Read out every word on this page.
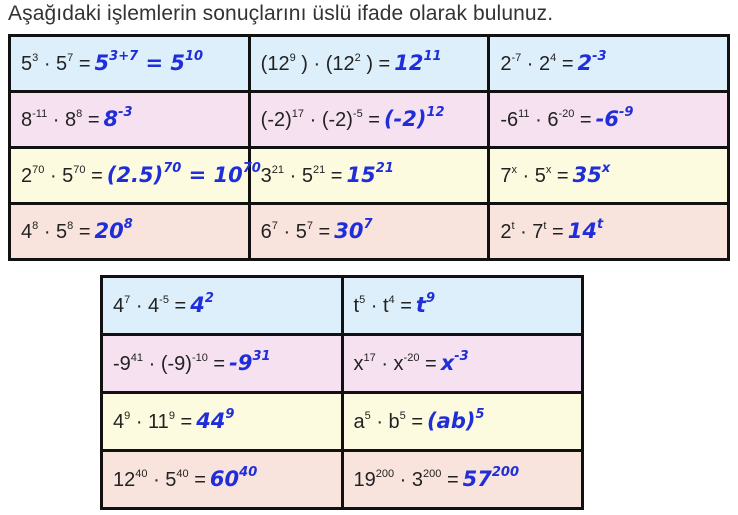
Aşağıdaki işlemlerin sonuçlarını üslü ifade olarak bulunuz.
$5^3 \cdot 5^7 = 5^{3+7} = 5^{10}$	($12^9$ ) · ($12^2$ ) = $12^{11}$	$2^{-7} \cdot 2^4 = 2^{-3}$
$8^{-11} \cdot 8^8 = 8^{-3}$	$(-2)^{17} \cdot (-2)^{-5} = (-2)^{12}$	$-6^{11} \cdot 6^{-20} = -6^{-9}$
$2^{70} \cdot 5^{70} = (2.5)^{70} = 10^{70}$	$3^{21} \cdot 5^{21} = 15^{21}$	$7^x \cdot 5^x = 35^x$
$4^8 \cdot 5^8 = 20^8$	$6^7 \cdot 5^7 = 30^7$	$2^t \cdot 7^t = 14^t$
$4^7 \cdot 4^{-5} = 4^2$	$t^5 \cdot t^4 = t^9$
$-9^{41} \cdot (-9)^{-10} = -9^{31}$	$x^{17} \cdot x^{-20} = x^{-3}$
$4^9 \cdot 11^9 = 44^9$	$a^5 \cdot b^5 = (ab)^5$
$12^{40} \cdot 5^{40} = 60^{40}$	$19^{200} \cdot 3^{200} = 57^{200}$
